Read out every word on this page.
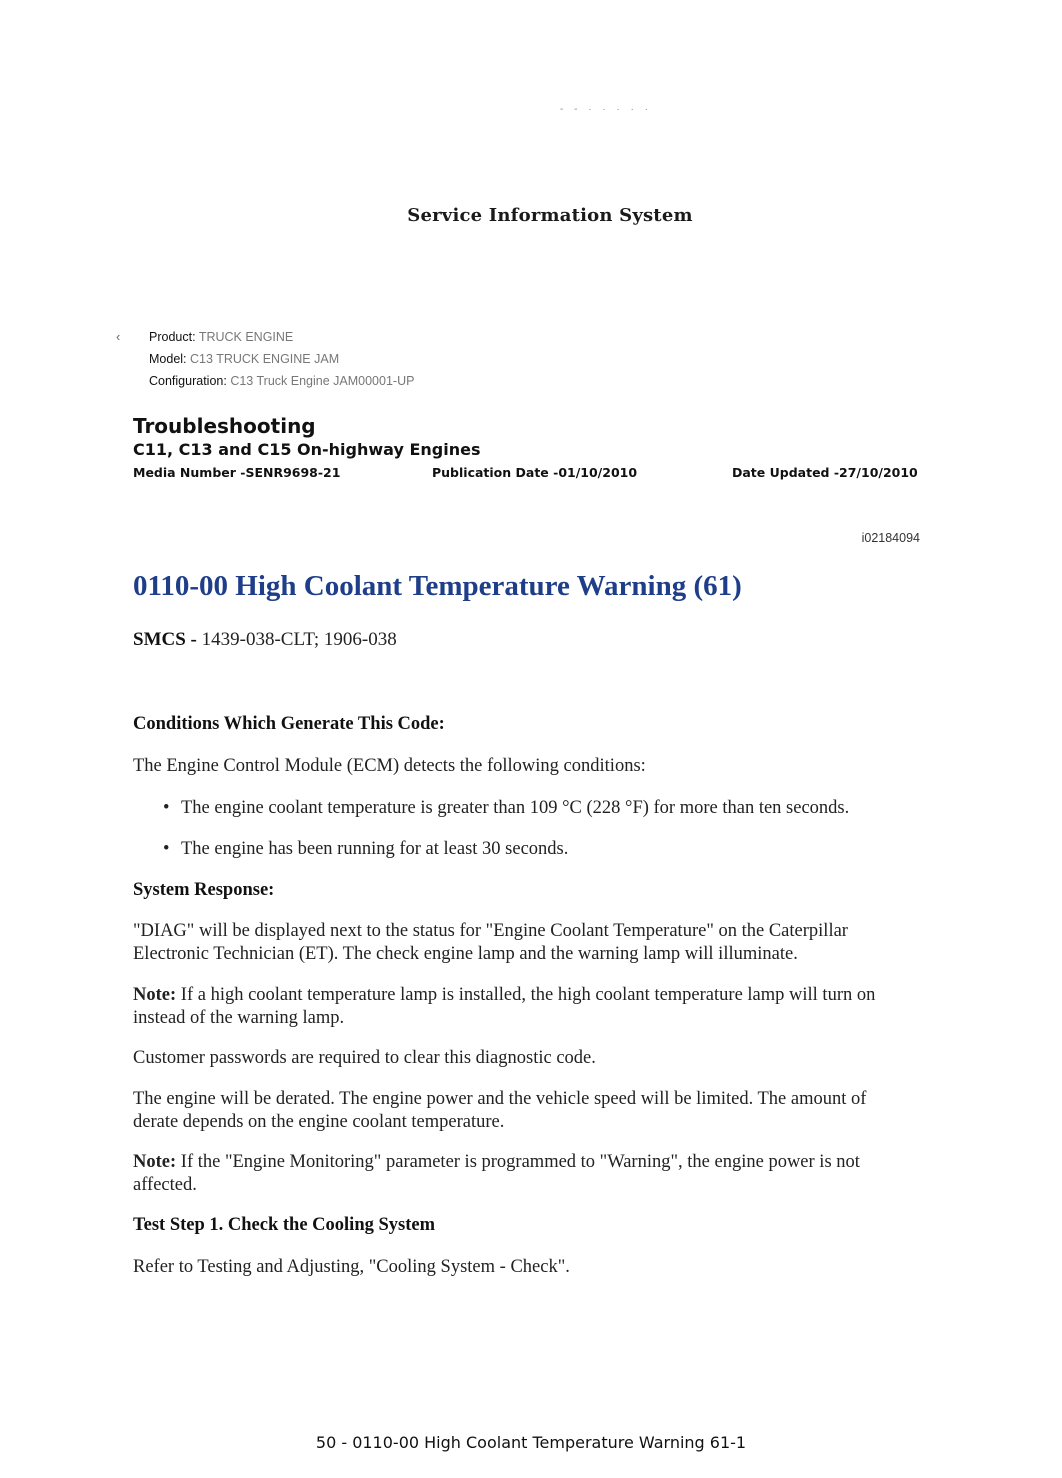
- - · · · · ·
Service Information System
‹ Product: TRUCK ENGINE
Model: C13 TRUCK ENGINE JAM
Configuration: C13 Truck Engine JAM00001-UP
Troubleshooting
C11, C13 and C15 On-highway Engines
Media Number -SENR9698-21	Publication Date -01/10/2010	Date Updated -27/10/2010
i02184094
0110-00 High Coolant Temperature Warning (61)
SMCS - 1439-038-CLT; 1906-038
Conditions Which Generate This Code:
The Engine Control Module (ECM) detects the following conditions:
• The engine coolant temperature is greater than 109 °C (228 °F) for more than ten seconds.
• The engine has been running for at least 30 seconds.
System Response:
"DIAG" will be displayed next to the status for "Engine Coolant Temperature" on the Caterpillar Electronic Technician (ET). The check engine lamp and the warning lamp will illuminate.
Note: If a high coolant temperature lamp is installed, the high coolant temperature lamp will turn on instead of the warning lamp.
Customer passwords are required to clear this diagnostic code.
The engine will be derated. The engine power and the vehicle speed will be limited. The amount of derate depends on the engine coolant temperature.
Note: If the "Engine Monitoring" parameter is programmed to "Warning", the engine power is not affected.
Test Step 1. Check the Cooling System
Refer to Testing and Adjusting, "Cooling System - Check".
50 - 0110-00 High Coolant Temperature Warning 61-1
